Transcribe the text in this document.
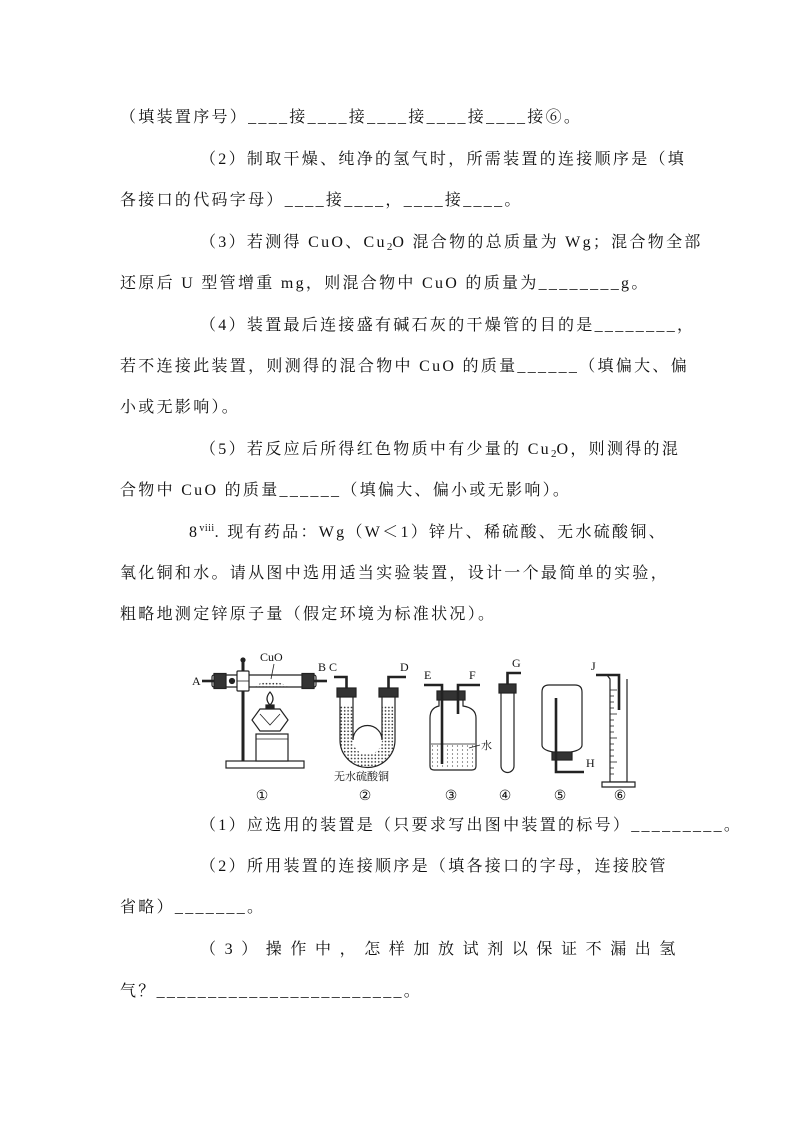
（填装置序号）____接____接____接____接____接⑥。
（2）制取干燥、纯净的氢气时，所需装置的连接顺序是（填
各接口的代码字母）____接____，____接____。
（3）若测得 CuO、$Cu_2O$ 混合物的总质量为 Wg；混合物全部
还原后 U 型管增重 mg，则混合物中 CuO 的质量为________g。
（4）装置最后连接盛有碱石灰的干燥管的目的是________，
若不连接此装置，则测得的混合物中 CuO 的质量______（填偏大、偏
小或无影响）。
（5）若反应后所得红色物质中有少量的 $Cu_2O$，则测得的混
合物中 CuO 的质量______（填偏大、偏小或无影响）。
8$^{viii}$. 现有药品：Wg（W＜1）锌片、稀硫酸、无水硫酸铜、
氧化铜和水。请从图中选用适当实验装置，设计一个最简单的实验，
粗略地测定锌原子量（假定环境为标准状况）。
A
B
CuO
C	D
无水硫酸铜
E	F
水
G
H
J
①	②	③	④	⑤	⑥
（1）应选用的装置是（只要求写出图中装置的标号）_________。
（2）所用装置的连接顺序是（填各接口的字母，连接胶管
省略）_______。
（3）操作中，怎样加放试剂以保证不漏出氢
气？________________________。
